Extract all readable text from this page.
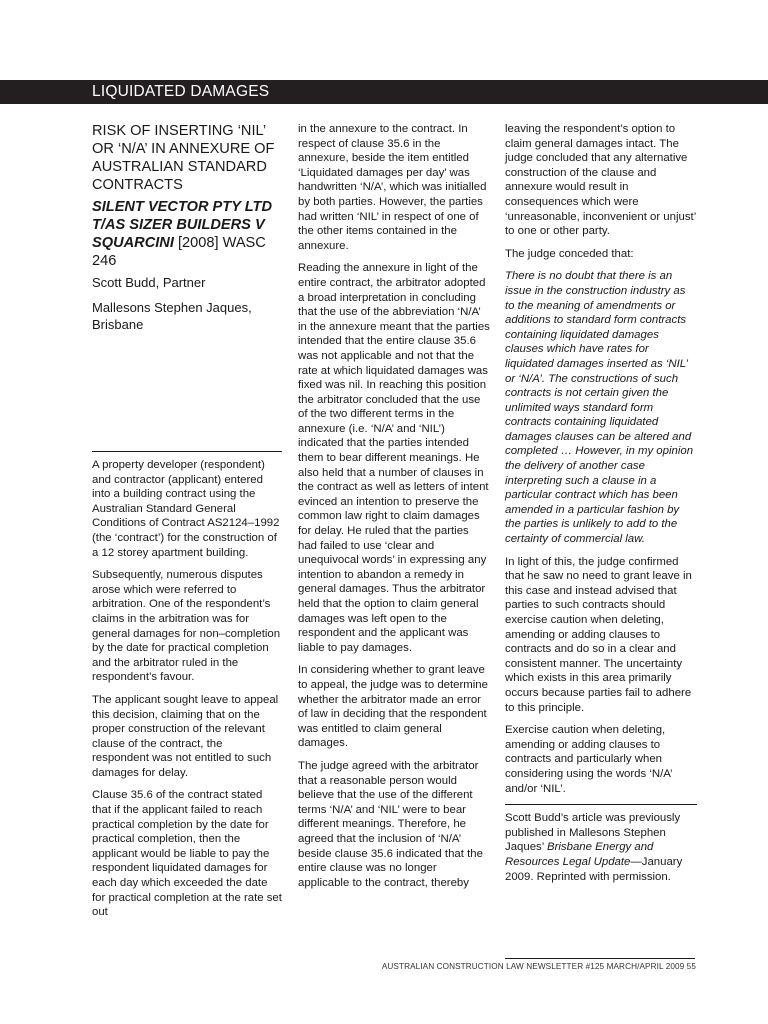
LIQUIDATED DAMAGES
RISK OF INSERTING ‘NIL’ OR ‘N/A’ IN ANNEXURE OF AUSTRALIAN STANDARD CONTRACTS
SILENT VECTOR PTY LTD T/AS SIZER BUILDERS V SQUARCINI [2008] WASC 246
Scott Budd, Partner
Mallesons Stephen Jaques, Brisbane

A property developer (respondent) and contractor (applicant) entered into a building contract using the Australian Standard General Conditions of Contract AS2124–1992 (the ‘contract’) for the construction of a 12 storey apartment building.

Subsequently, numerous disputes arose which were referred to arbitration. One of the respondent’s claims in the arbitration was for general damages for non–completion by the date for practical completion and the arbitrator ruled in the respondent’s favour.

The applicant sought leave to appeal this decision, claiming that on the proper construction of the relevant clause of the contract, the respondent was not entitled to such damages for delay.

Clause 35.6 of the contract stated that if the applicant failed to reach practical completion by the date for practical completion, then the applicant would be liable to pay the respondent liquidated damages for each day which exceeded the date for practical completion at the rate set out

in the annexure to the contract. In respect of clause 35.6 in the annexure, beside the item entitled ‘Liquidated damages per day’ was handwritten ‘N/A’, which was initialled by both parties. However, the parties had written ‘NIL’ in respect of one of the other items contained in the annexure.

Reading the annexure in light of the entire contract, the arbitrator adopted a broad interpretation in concluding that the use of the abbreviation ‘N/A’ in the annexure meant that the parties intended that the entire clause 35.6 was not applicable and not that the rate at which liquidated damages was fixed was nil. In reaching this position the arbitrator concluded that the use of the two different terms in the annexure (i.e. ‘N/A’ and ‘NIL’) indicated that the parties intended them to bear different meanings. He also held that a number of clauses in the contract as well as letters of intent evinced an intention to preserve the common law right to claim damages for delay. He ruled that the parties had failed to use ‘clear and unequivocal words’ in expressing any intention to abandon a remedy in general damages. Thus the arbitrator held that the option to claim general damages was left open to the respondent and the applicant was liable to pay damages.

In considering whether to grant leave to appeal, the judge was to determine whether the arbitrator made an error of law in deciding that the respondent was entitled to claim general damages.

The judge agreed with the arbitrator that a reasonable person would believe that the use of the different terms ‘N/A’ and ‘NIL’ were to bear different meanings. Therefore, he agreed that the inclusion of ‘N/A’ beside clause 35.6 indicated that the entire clause was no longer applicable to the contract, thereby

leaving the respondent’s option to claim general damages intact. The judge concluded that any alternative construction of the clause and annexure would result in consequences which were ‘unreasonable, inconvenient or unjust’ to one or other party.

The judge conceded that:

There is no doubt that there is an issue in the construction industry as to the meaning of amendments or additions to standard form contracts containing liquidated damages clauses which have rates for liquidated damages inserted as ‘NIL’ or ‘N/A’. The constructions of such contracts is not certain given the unlimited ways standard form contracts containing liquidated damages clauses can be altered and completed … However, in my opinion the delivery of another case interpreting such a clause in a particular contract which has been amended in a particular fashion by the parties is unlikely to add to the certainty of commercial law.

In light of this, the judge confirmed that he saw no need to grant leave in this case and instead advised that parties to such contracts should exercise caution when deleting, amending or adding clauses to contracts and do so in a clear and consistent manner. The uncertainty which exists in this area primarily occurs because parties fail to adhere to this principle.

Exercise caution when deleting, amending or adding clauses to contracts and particularly when considering using the words ‘N/A’ and/or ‘NIL’.

Scott Budd’s article was previously published in Mallesons Stephen Jaques’ Brisbane Energy and Resources Legal Update—January 2009. Reprinted with permission.

AUSTRALIAN CONSTRUCTION LAW NEWSLETTER #125 MARCH/APRIL 2009 55
